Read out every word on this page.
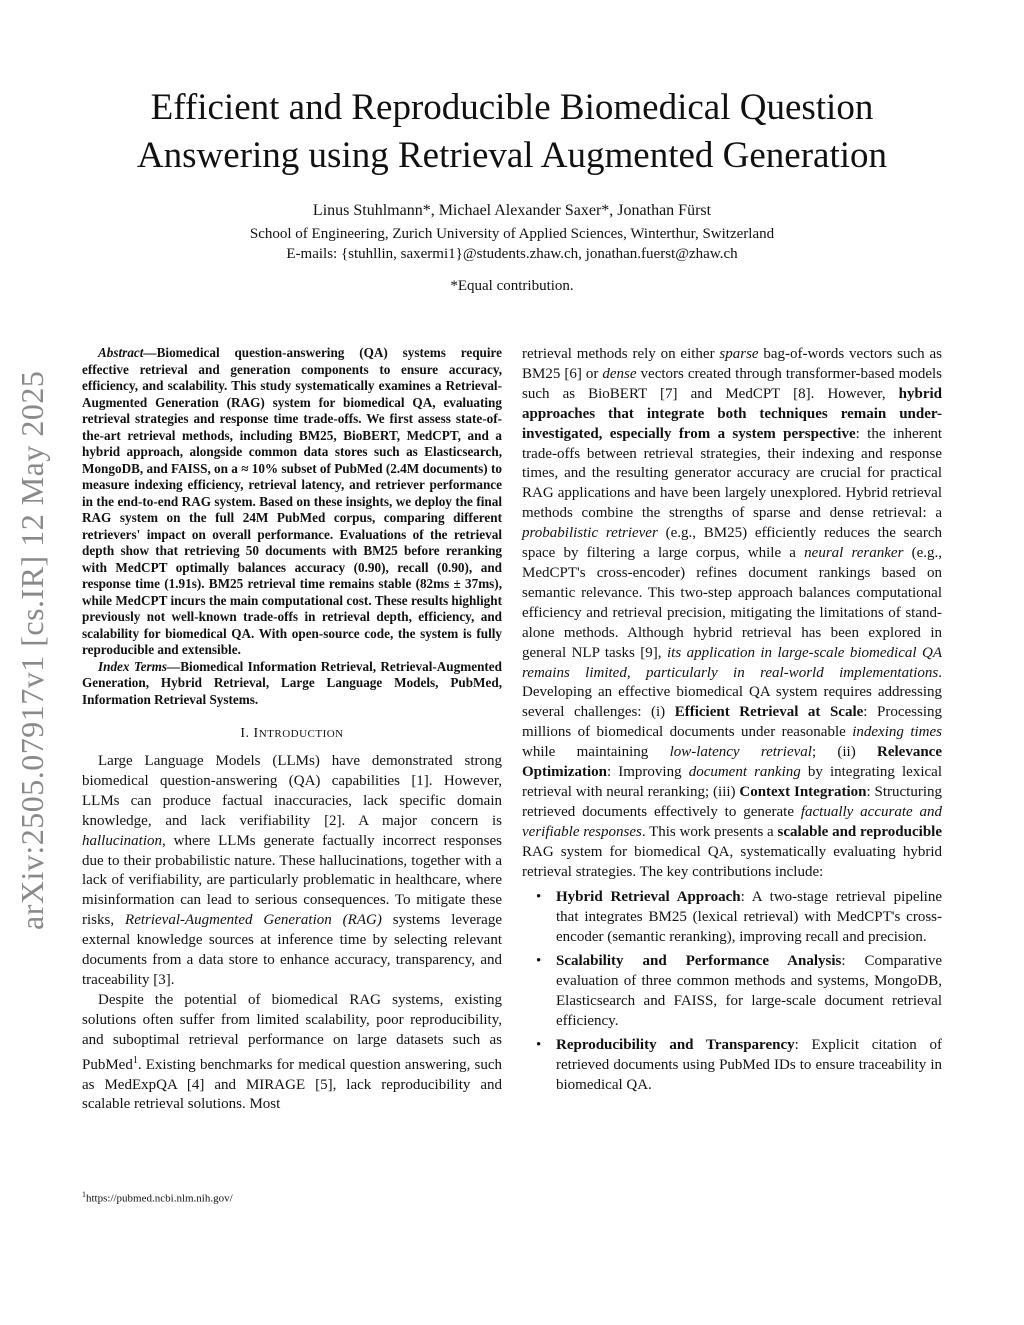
arXiv:2505.07917v1 [cs.IR] 12 May 2025
Efficient and Reproducible Biomedical Question
Answering using Retrieval Augmented Generation
Linus Stuhlmann*, Michael Alexander Saxer*, Jonathan Fürst
School of Engineering, Zurich University of Applied Sciences, Winterthur, Switzerland
E-mails: {stuhllin, saxermi1}@students.zhaw.ch, jonathan.fuerst@zhaw.ch
*Equal contribution.

Abstract—Biomedical question-answering (QA) systems require effective retrieval and generation components to ensure accuracy, efficiency, and scalability. This study systematically examines a Retrieval-Augmented Generation (RAG) system for biomedical QA, evaluating retrieval strategies and response time trade-offs. We first assess state-of-the-art retrieval methods, including BM25, BioBERT, MedCPT, and a hybrid approach, alongside common data stores such as Elasticsearch, MongoDB, and FAISS, on a ≈ 10% subset of PubMed (2.4M documents) to measure indexing efficiency, retrieval latency, and retriever performance in the end-to-end RAG system. Based on these insights, we deploy the final RAG system on the full 24M PubMed corpus, comparing different retrievers' impact on overall performance. Evaluations of the retrieval depth show that retrieving 50 documents with BM25 before reranking with MedCPT optimally balances accuracy (0.90), recall (0.90), and response time (1.91s). BM25 retrieval time remains stable (82ms ± 37ms), while MedCPT incurs the main computational cost. These results highlight previously not well-known trade-offs in retrieval depth, efficiency, and scalability for biomedical QA. With open-source code, the system is fully reproducible and extensible.

Index Terms—Biomedical Information Retrieval, Retrieval-Augmented Generation, Hybrid Retrieval, Large Language Models, PubMed, Information Retrieval Systems.

I. INTRODUCTION

Large Language Models (LLMs) have demonstrated strong biomedical question-answering (QA) capabilities [1]. However, LLMs can produce factual inaccuracies, lack specific domain knowledge, and lack verifiability [2]. A major concern is hallucination, where LLMs generate factually incorrect responses due to their probabilistic nature. These hallucinations, together with a lack of verifiability, are particularly problematic in healthcare, where misinformation can lead to serious consequences. To mitigate these risks, Retrieval-Augmented Generation (RAG) systems leverage external knowledge sources at inference time by selecting relevant documents from a data store to enhance accuracy, transparency, and traceability [3].

Despite the potential of biomedical RAG systems, existing solutions often suffer from limited scalability, poor reproducibility, and suboptimal retrieval performance on large datasets such as PubMed$^1$. Existing benchmarks for medical question answering, such as MedExpQA [4] and MIRAGE [5], lack reproducibility and scalable retrieval solutions. Most

$^1$https://pubmed.ncbi.nlm.nih.gov/

retrieval methods rely on either sparse bag-of-words vectors such as BM25 [6] or dense vectors created through transformer-based models such as BioBERT [7] and MedCPT [8]. However, hybrid approaches that integrate both techniques remain under-investigated, especially from a system perspective: the inherent trade-offs between retrieval strategies, their indexing and response times, and the resulting generator accuracy are crucial for practical RAG applications and have been largely unexplored. Hybrid retrieval methods combine the strengths of sparse and dense retrieval: a probabilistic retriever (e.g., BM25) efficiently reduces the search space by filtering a large corpus, while a neural reranker (e.g., MedCPT's cross-encoder) refines document rankings based on semantic relevance. This two-step approach balances computational efficiency and retrieval precision, mitigating the limitations of stand-alone methods. Although hybrid retrieval has been explored in general NLP tasks [9], its application in large-scale biomedical QA remains limited, particularly in real-world implementations. Developing an effective biomedical QA system requires addressing several challenges: (i) Efficient Retrieval at Scale: Processing millions of biomedical documents under reasonable indexing times while maintaining low-latency retrieval; (ii) Relevance Optimization: Improving document ranking by integrating lexical retrieval with neural reranking; (iii) Context Integration: Structuring retrieved documents effectively to generate factually accurate and verifiable responses. This work presents a scalable and reproducible RAG system for biomedical QA, systematically evaluating hybrid retrieval strategies. The key contributions include:

• Hybrid Retrieval Approach: A two-stage retrieval pipeline that integrates BM25 (lexical retrieval) with MedCPT's cross-encoder (semantic reranking), improving recall and precision.
• Scalability and Performance Analysis: Comparative evaluation of three common methods and systems, MongoDB, Elasticsearch and FAISS, for large-scale document retrieval efficiency.
• Reproducibility and Transparency: Explicit citation of retrieved documents using PubMed IDs to ensure traceability in biomedical QA.
